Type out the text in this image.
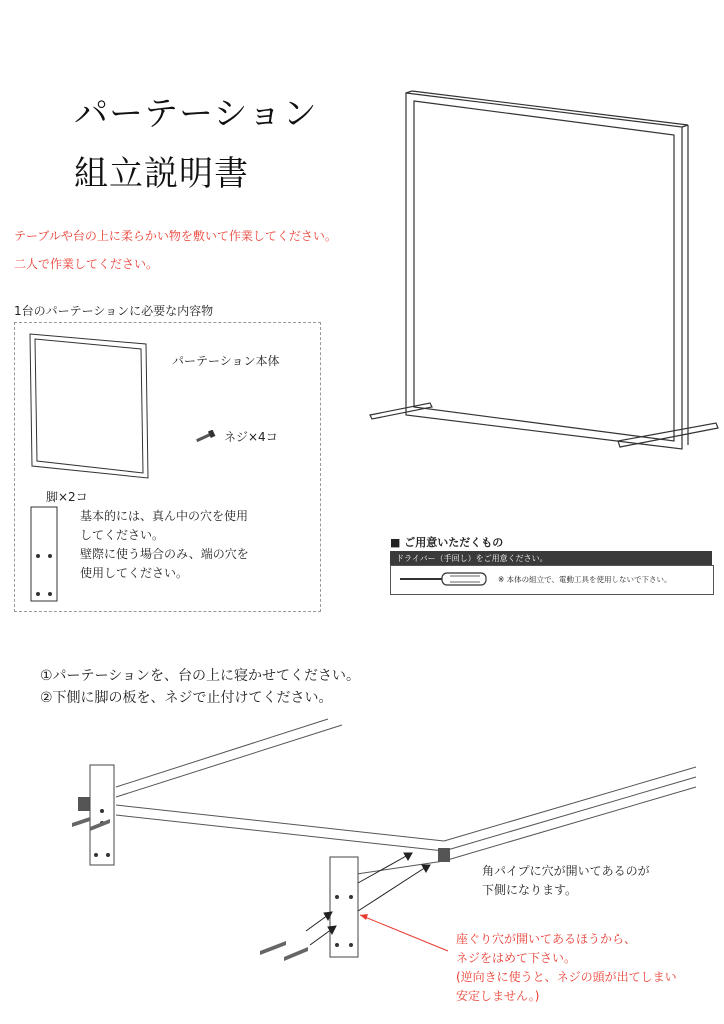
パーテーション
組立説明書
テーブルや台の上に柔らかい物を敷いて作業してください。
二人で作業してください。
1台のパーテーションに必要な内容物
パーテーション本体
ネジ×4コ
脚×2コ
基本的には、真ん中の穴を使用
してください。
壁際に使う場合のみ、端の穴を
使用してください。
■ ご用意いただくもの
ドライバー（手回し）をご用意ください。
※ 本体の組立で、電動工具を使用しないで下さい。
①パーテーションを、台の上に寝かせてください。
②下側に脚の板を、ネジで止付けてください。
角パイプに穴が開いてあるのが
下側になります。
座ぐり穴が開いてあるほうから、
ネジをはめて下さい。
(逆向きに使うと、ネジの頭が出てしまい
安定しません。)
